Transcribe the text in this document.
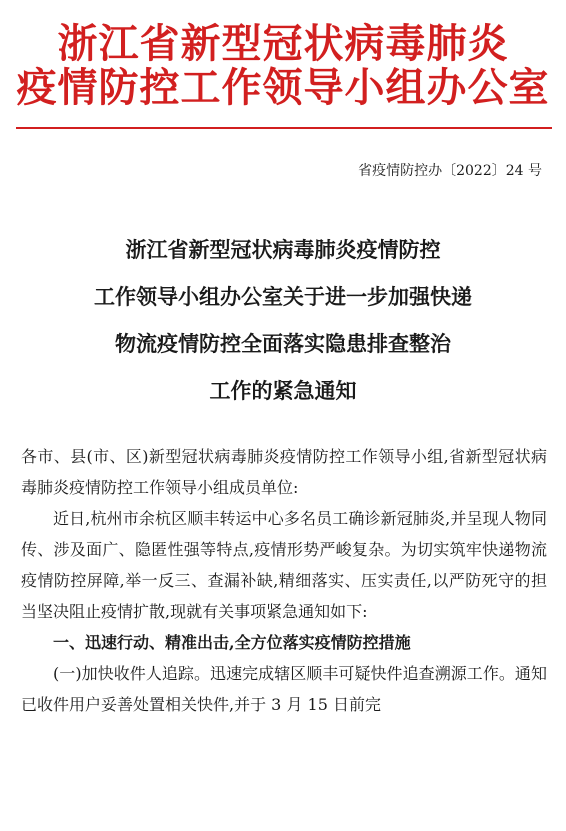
浙江省新型冠状病毒肺炎
疫情防控工作领导小组办公室
省疫情防控办〔2022〕24 号
浙江省新型冠状病毒肺炎疫情防控
工作领导小组办公室关于进一步加强快递
物流疫情防控全面落实隐患排查整治
工作的紧急通知

各市、县(市、区)新型冠状病毒肺炎疫情防控工作领导小组,省新型冠状病毒肺炎疫情防控工作领导小组成员单位:

近日,杭州市余杭区顺丰转运中心多名员工确诊新冠肺炎,并呈现人物同传、涉及面广、隐匿性强等特点,疫情形势严峻复杂。为切实筑牢快递物流疫情防控屏障,举一反三、查漏补缺,精细落实、压实责任,以严防死守的担当坚决阻止疫情扩散,现就有关事项紧急通知如下:

一、迅速行动、精准出击,全方位落实疫情防控措施

(一)加快收件人追踪。迅速完成辖区顺丰可疑快件追查溯源工作。通知已收件用户妥善处置相关快件,并于 3 月 15 日前完
